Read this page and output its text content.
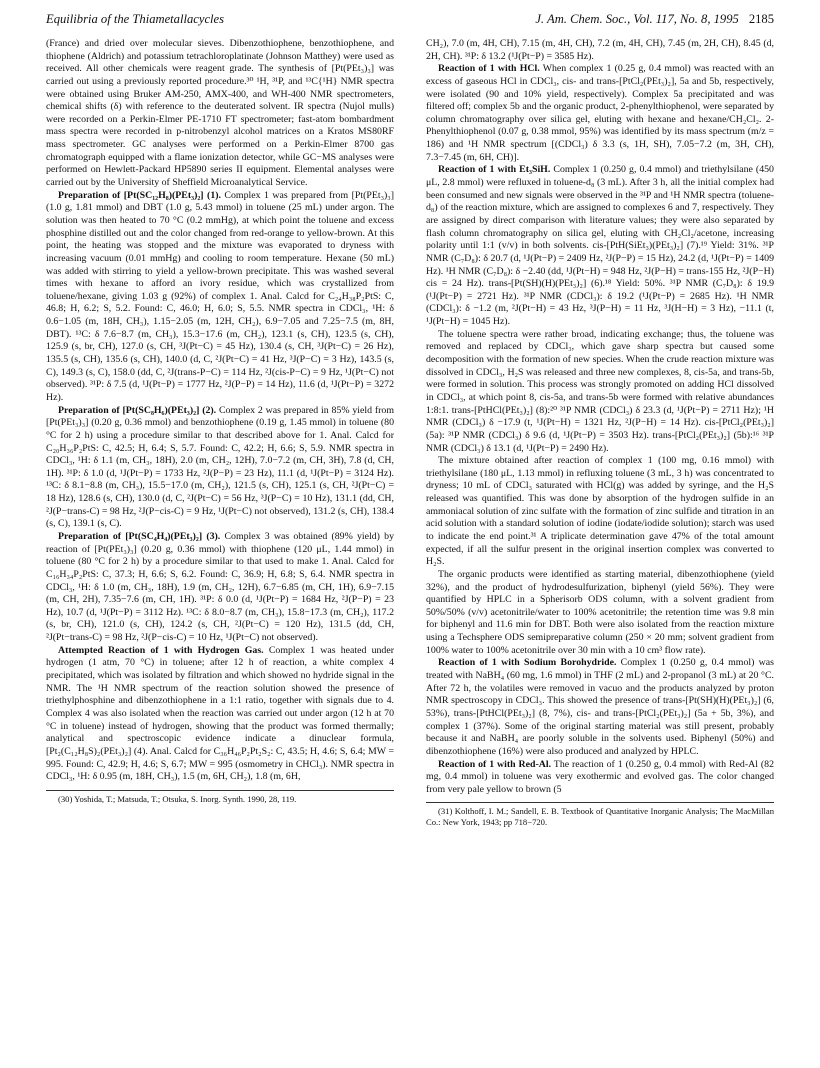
Equilibria of the Thiametallacycles	J. Am. Chem. Soc., Vol. 117, No. 8, 1995 2185

(France) and dried over molecular sieves. Dibenzothiophene, benzothiophene, and thiophene (Aldrich) and potassium tetrachloroplatinate (Johnson Matthey) were used as received. All other chemicals were reagent grade. The synthesis of [Pt(PEt₃)₃] was carried out using a previously reported procedure.³⁰ ¹H, ³¹P, and ¹³C{¹H} NMR spectra were obtained using Bruker AM-250, AMX-400, and WH-400 NMR spectrometers, chemical shifts (δ) with reference to the deuterated solvent. IR spectra (Nujol mulls) were recorded on a Perkin-Elmer PE-1710 FT spectrometer; fast-atom bombardment mass spectra were recorded in p-nitrobenzyl alcohol matrices on a Kratos MS80RF mass spectrometer. GC analyses were performed on a Perkin-Elmer 8700 gas chromatograph equipped with a flame ionization detector, while GC−MS analyses were performed on Hewlett-Packard HP5890 series II equipment. Elemental analyses were carried out by the University of Sheffield Microanalytical Service.

Preparation of [Pt(SC₁₂H₈)(PEt₃)₂] (1). Complex 1 was prepared from [Pt(PEt₃)₃] (1.0 g, 1.81 mmol) and DBT (1.0 g, 5.43 mmol) in toluene (25 mL) under argon. The solution was then heated to 70 °C (0.2 mmHg), at which point the toluene and excess phosphine distilled out and the color changed from red-orange to yellow-brown. At this point, the heating was stopped and the mixture was evaporated to dryness with increasing vacuum (0.01 mmHg) and cooling to room temperature. Hexane (50 mL) was added with stirring to yield a yellow-brown precipitate. This was washed several times with hexane to afford an ivory residue, which was crystallized from toluene/hexane, giving 1.03 g (92%) of complex 1. Anal. Calcd for C₂₄H₃₈P₂PtS: C, 46.8; H, 6.2; S, 5.2. Found: C, 46.0; H, 6.0; S, 5.5. NMR spectra in CDCl₃, ¹H: δ 0.6−1.05 (m, 18H, CH₃), 1.15−2.05 (m, 12H, CH₂), 6.9−7.05 and 7.25−7.5 (m, 8H, DBT). ¹³C: δ 7.6−8.7 (m, CH₃), 15.3−17.6 (m, CH₂), 123.1 (s, CH), 123.5 (s, CH), 125.9 (s, br, CH), 127.0 (s, CH, ³J(Pt−C) = 45 Hz), 130.4 (s, CH, ³J(Pt−C) = 26 Hz), 135.5 (s, CH), 135.6 (s, CH), 140.0 (d, C, ²J(Pt−C) = 41 Hz, ³J(P−C) = 3 Hz), 143.5 (s, C), 149.3 (s, C), 158.0 (dd, C, ²J(trans-P−C) = 114 Hz, ²J(cis-P−C) = 9 Hz, ¹J(Pt−C) not observed). ³¹P: δ 7.5 (d, ¹J(Pt−P) = 1777 Hz, ²J(P−P) = 14 Hz), 11.6 (d, ¹J(Pt−P) = 3272 Hz).

Preparation of [Pt(SC₈H₆)(PEt₃)₂] (2). Complex 2 was prepared in 85% yield from [Pt(PEt₃)₃] (0.20 g, 0.36 mmol) and benzothiophene (0.19 g, 1.45 mmol) in toluene (80 °C for 2 h) using a procedure similar to that described above for 1. Anal. Calcd for C₂₀H₃₆P₂PtS: C, 42.5; H, 6.4; S, 5.7. Found: C, 42.2; H, 6.6; S, 5.9. NMR spectra in CDCl₃, ¹H: δ 1.1 (m, CH₃, 18H), 2.0 (m, CH₂, 12H), 7.0−7.2 (m, CH, 3H), 7.8 (d, CH, 1H). ³¹P: δ 1.0 (d, ¹J(Pt−P) = 1733 Hz, ²J(P−P) = 23 Hz), 11.1 (d, ¹J(Pt−P) = 3124 Hz). ¹³C: δ 8.1−8.8 (m, CH₃), 15.5−17.0 (m, CH₂), 121.5 (s, CH), 125.1 (s, CH, ²J(Pt−C) = 18 Hz), 128.6 (s, CH), 130.0 (d, C, ²J(Pt−C) = 56 Hz, ³J(P−C) = 10 Hz), 131.1 (dd, CH, ²J(P−trans-C) = 98 Hz, ²J(P−cis-C) = 9 Hz, ¹J(Pt−C) not observed), 131.2 (s, CH), 138.4 (s, C), 139.1 (s, C).

Preparation of [Pt(SC₄H₄)(PEt₃)₂] (3). Complex 3 was obtained (89% yield) by reaction of [Pt(PEt₃)₃] (0.20 g, 0.36 mmol) with thiophene (120 μL, 1.44 mmol) in toluene (80 °C for 2 h) by a procedure similar to that used to make 1. Anal. Calcd for C₁₆H₃₄P₂PtS: C, 37.3; H, 6.6; S, 6.2. Found: C, 36.9; H, 6.8; S, 6.4. NMR spectra in CDCl₃, ¹H: δ 1.0 (m, CH₃, 18H), 1.9 (m, CH₂, 12H), 6.7−6.85 (m, CH, 1H), 6.9−7.15 (m, CH, 2H), 7.35−7.6 (m, CH, 1H). ³¹P: δ 0.0 (d, ¹J(Pt−P) = 1684 Hz, ²J(P−P) = 23 Hz), 10.7 (d, ¹J(Pt−P) = 3112 Hz). ¹³C: δ 8.0−8.7 (m, CH₃), 15.8−17.3 (m, CH₂), 117.2 (s, br, CH), 121.0 (s, CH), 124.2 (s, CH, ²J(Pt−C) = 120 Hz), 131.5 (dd, CH, ²J(Pt−trans-C) = 98 Hz, ²J(P−cis-C) = 10 Hz, ¹J(Pt−C) not observed).

Attempted Reaction of 1 with Hydrogen Gas. Complex 1 was heated under hydrogen (1 atm, 70 °C) in toluene; after 12 h of reaction, a white complex 4 precipitated, which was isolated by filtration and which showed no hydride signal in the NMR. The ¹H NMR spectrum of the reaction solution showed the presence of triethylphosphine and dibenzothiophene in a 1:1 ratio, together with signals due to 4. Complex 4 was also isolated when the reaction was carried out under argon (12 h at 70 °C in toluene) instead of hydrogen, showing that the product was formed thermally; analytical and spectroscopic evidence indicate a dinuclear formula, [Pt₂(C₁₂H₈S)₂(PEt₃)₂] (4). Anal. Calcd for C₃₆H₄₆P₂Pt₂S₂: C, 43.5; H, 4.6; S, 6.4; MW = 995. Found: C, 42.9; H, 4.6; S, 6.7; MW = 995 (osmometry in CHCl₃). NMR spectra in CDCl₃, ¹H: δ 0.95 (m, 18H, CH₃), 1.5 (m, 6H, CH₂), 1.8 (m, 6H,

(30) Yoshida, T.; Matsuda, T.; Otsuka, S. Inorg. Synth. 1990, 28, 119.

CH₂), 7.0 (m, 4H, CH), 7.15 (m, 4H, CH), 7.2 (m, 4H, CH), 7.45 (m, 2H, CH), 8.45 (d, 2H, CH). ³¹P: δ 13.2 (¹J(Pt−P) = 3585 Hz).

Reaction of 1 with HCl. When complex 1 (0.25 g, 0.4 mmol) was reacted with an excess of gaseous HCl in CDCl₃, cis- and trans-[PtCl₂(PEt₃)₂], 5a and 5b, respectively, were isolated (90 and 10% yield, respectively). Complex 5a precipitated and was filtered off; complex 5b and the organic product, 2-phenylthiophenol, were separated by column chromatography over silica gel, eluting with hexane and hexane/CH₂Cl₂. 2-Phenylthiophenol (0.07 g, 0.38 mmol, 95%) was identified by its mass spectrum (m/z = 186) and ¹H NMR spectrum [(CDCl₃) δ 3.3 (s, 1H, SH), 7.05−7.2 (m, 3H, CH), 7.3−7.45 (m, 6H, CH)].

Reaction of 1 with Et₃SiH. Complex 1 (0.250 g, 0.4 mmol) and triethylsilane (450 μL, 2.8 mmol) were refluxed in toluene-d₈ (3 mL). After 3 h, all the initial complex had been consumed and new signals were observed in the ³¹P and ¹H NMR spectra (toluene-d₈) of the reaction mixture, which are assigned to complexes 6 and 7, respectively. They are assigned by direct comparison with literature values; they were also separated by flash column chromatography on silica gel, eluting with CH₂Cl₂/acetone, increasing polarity until 1:1 (v/v) in both solvents. cis-[PtH(SiEt₃)(PEt₃)₂] (7).¹⁹ Yield: 31%. ³¹P NMR (C₇D₈): δ 20.7 (d, ¹J(Pt−P) = 2409 Hz, ²J(P−P) = 15 Hz), 24.2 (d, ¹J(Pt−P) = 1409 Hz). ¹H NMR (C₇D₈): δ −2.40 (dd, ¹J(Pt−H) = 948 Hz, ²J(P−H) = trans-155 Hz, ²J(P−H) cis = 24 Hz). trans-[Pt(SH)(H)(PEt₃)₂] (6).¹⁸ Yield: 50%. ³¹P NMR (C₇D₈): δ 19.9 (¹J(Pt−P) = 2721 Hz). ³¹P NMR (CDCl₃): δ 19.2 (¹J(Pt−P) = 2685 Hz). ¹H NMR (CDCl₃): δ −1.2 (m, ²J(Pt−H) = 43 Hz, ³J(P−H) = 11 Hz, ³J(H−H) = 3 Hz), −11.1 (t, ¹J(Pt−H) = 1045 Hz).

The toluene spectra were rather broad, indicating exchange; thus, the toluene was removed and replaced by CDCl₃, which gave sharp spectra but caused some decomposition with the formation of new species. When the crude reaction mixture was dissolved in CDCl₃, H₂S was released and three new complexes, 8, cis-5a, and trans-5b, were formed in solution. This process was strongly promoted on adding HCl dissolved in CDCl₃, at which point 8, cis-5a, and trans-5b were formed with relative abundances 1:8:1. trans-[PtHCl(PEt₃)₂] (8):²⁰ ³¹P NMR (CDCl₃) δ 23.3 (d, ¹J(Pt−P) = 2711 Hz); ¹H NMR (CDCl₃) δ −17.9 (t, ¹J(Pt−H) = 1321 Hz, ²J(P−H) = 14 Hz). cis-[PtCl₂(PEt₃)₂] (5a): ³¹P NMR (CDCl₃) δ 9.6 (d, ¹J(Pt−P) = 3503 Hz). trans-[PtCl₂(PEt₃)₂] (5b):¹⁶ ³¹P NMR (CDCl₃) δ 13.1 (d, ¹J(Pt−P) = 2490 Hz).

The mixture obtained after reaction of complex 1 (100 mg, 0.16 mmol) with triethylsilane (180 μL, 1.13 mmol) in refluxing toluene (3 mL, 3 h) was concentrated to dryness; 10 mL of CDCl₃ saturated with HCl(g) was added by syringe, and the H₂S released was quantified. This was done by absorption of the hydrogen sulfide in an ammoniacal solution of zinc sulfate with the formation of zinc sulfide and titration in an acid solution with a standard solution of iodine (iodate/iodide solution); starch was used to indicate the end point.³¹ A triplicate determination gave 47% of the total amount expected, if all the sulfur present in the original insertion complex was converted to H₂S.

The organic products were identified as starting material, dibenzothiophene (yield 32%), and the product of hydrodesulfurization, biphenyl (yield 56%). They were quantified by HPLC in a Spherisorb ODS column, with a solvent gradient from 50%/50% (v/v) acetonitrile/water to 100% acetonitrile; the retention time was 9.8 min for biphenyl and 11.6 min for DBT. Both were also isolated from the reaction mixture using a Techsphere ODS semipreparative column (250 × 20 mm; solvent gradient from 100% water to 100% acetonitrile over 30 min with a 10 cm³ flow rate).

Reaction of 1 with Sodium Borohydride. Complex 1 (0.250 g, 0.4 mmol) was treated with NaBH₄ (60 mg, 1.6 mmol) in THF (2 mL) and 2-propanol (3 mL) at 20 °C. After 72 h, the volatiles were removed in vacuo and the products analyzed by proton NMR spectroscopy in CDCl₃. This showed the presence of trans-[Pt(SH)(H)(PEt₃)₂] (6, 53%), trans-[PtHCl(PEt₃)₂] (8, 7%), cis- and trans-[PtCl₂(PEt₃)₂] (5a + 5b, 3%), and complex 1 (37%). Some of the original starting material was still present, probably because it and NaBH₄ are poorly soluble in the solvents used. Biphenyl (50%) and dibenzothiophene (16%) were also produced and analyzed by HPLC.

Reaction of 1 with Red-Al. The reaction of 1 (0.250 g, 0.4 mmol) with Red-Al (82 mg, 0.4 mmol) in toluene was very exothermic and evolved gas. The color changed from very pale yellow to brown (5

(31) Kolthoff, I. M.; Sandell, E. B. Textbook of Quantitative Inorganic Analysis; The MacMillan Co.: New York, 1943; pp 718−720.
